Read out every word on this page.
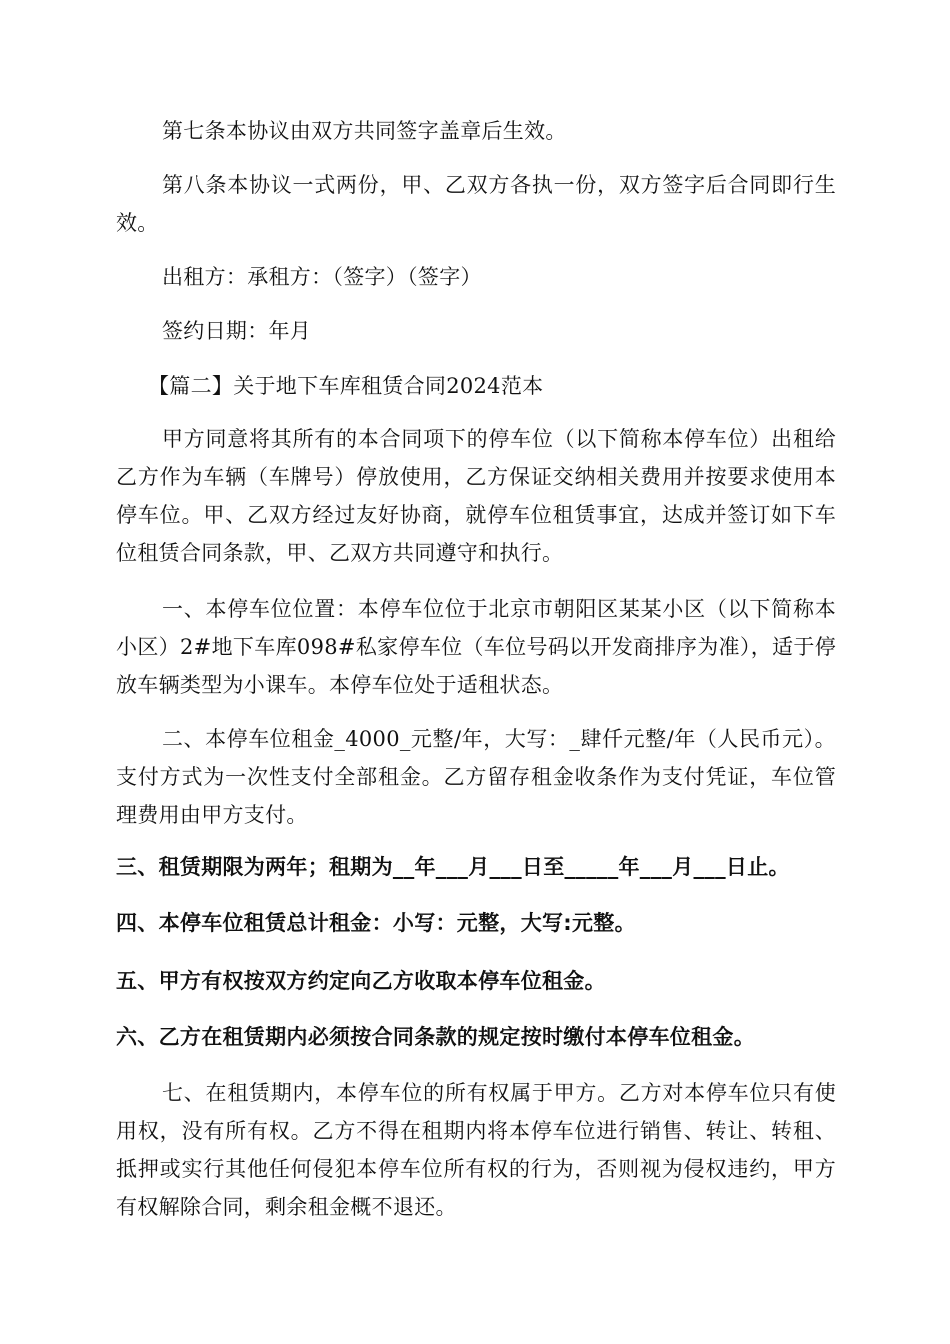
第七条本协议由双方共同签字盖章后生效。

第八条本协议一式两份，甲、乙双方各执一份，双方签字后合同即行生效。

出租方：承租方：（签字）（签字）

签约日期：年月

【篇二】关于地下车库租赁合同2024范本

甲方同意将其所有的本合同项下的停车位（以下简称本停车位）出租给乙方作为车辆（车牌号）停放使用，乙方保证交纳相关费用并按要求使用本停车位。甲、乙双方经过友好协商，就停车位租赁事宜，达成并签订如下车位租赁合同条款，甲、乙双方共同遵守和执行。

一、本停车位位置：本停车位位于北京市朝阳区某某小区（以下简称本小区）2#地下车库098#私家停车位（车位号码以开发商排序为准），适于停放车辆类型为小课车。本停车位处于适租状态。

二、本停车位租金_4000_元整/年，大写：_肆仟元整/年（人民币元）。支付方式为一次性支付全部租金。乙方留存租金收条作为支付凭证，车位管理费用由甲方支付。

三、租赁期限为两年；租期为__年___月___日至_____年___月___日止。

四、本停车位租赁总计租金：小写：元整，大写:元整。

五、甲方有权按双方约定向乙方收取本停车位租金。

六、乙方在租赁期内必须按合同条款的规定按时缴付本停车位租金。

七、在租赁期内，本停车位的所有权属于甲方。乙方对本停车位只有使用权，没有所有权。乙方不得在租期内将本停车位进行销售、转让、转租、抵押或实行其他任何侵犯本停车位所有权的行为，否则视为侵权违约，甲方有权解除合同，剩余租金概不退还。
